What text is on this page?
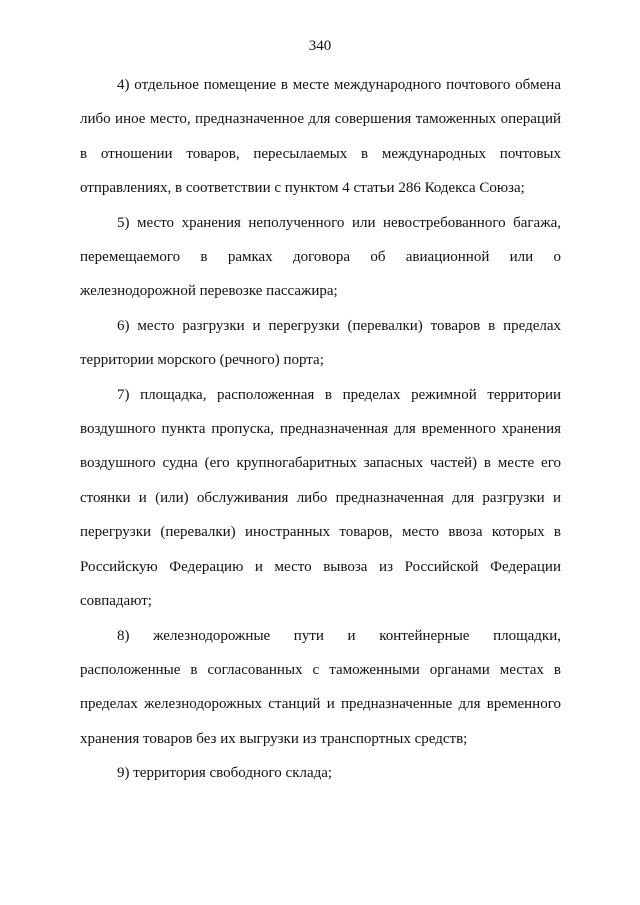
340

4) отдельное помещение в месте международного почтового обмена либо иное место, предназначенное для совершения таможенных операций в отношении товаров, пересылаемых в международных почтовых отправлениях, в соответствии с пунктом 4 статьи 286 Кодекса Союза;

5) место хранения неполученного или невостребованного багажа, перемещаемого в рамках договора об авиационной или о железнодорожной перевозке пассажира;

6) место разгрузки и перегрузки (перевалки) товаров в пределах территории морского (речного) порта;

7) площадка, расположенная в пределах режимной территории воздушного пункта пропуска, предназначенная для временного хранения воздушного судна (его крупногабаритных запасных частей) в месте его стоянки и (или) обслуживания либо предназначенная для разгрузки и перегрузки (перевалки) иностранных товаров, место ввоза которых в Российскую Федерацию и место вывоза из Российской Федерации совпадают;

8) железнодорожные пути и контейнерные площадки, расположенные в согласованных с таможенными органами местах в пределах железнодорожных станций и предназначенные для временного хранения товаров без их выгрузки из транспортных средств;

9) территория свободного склада;
